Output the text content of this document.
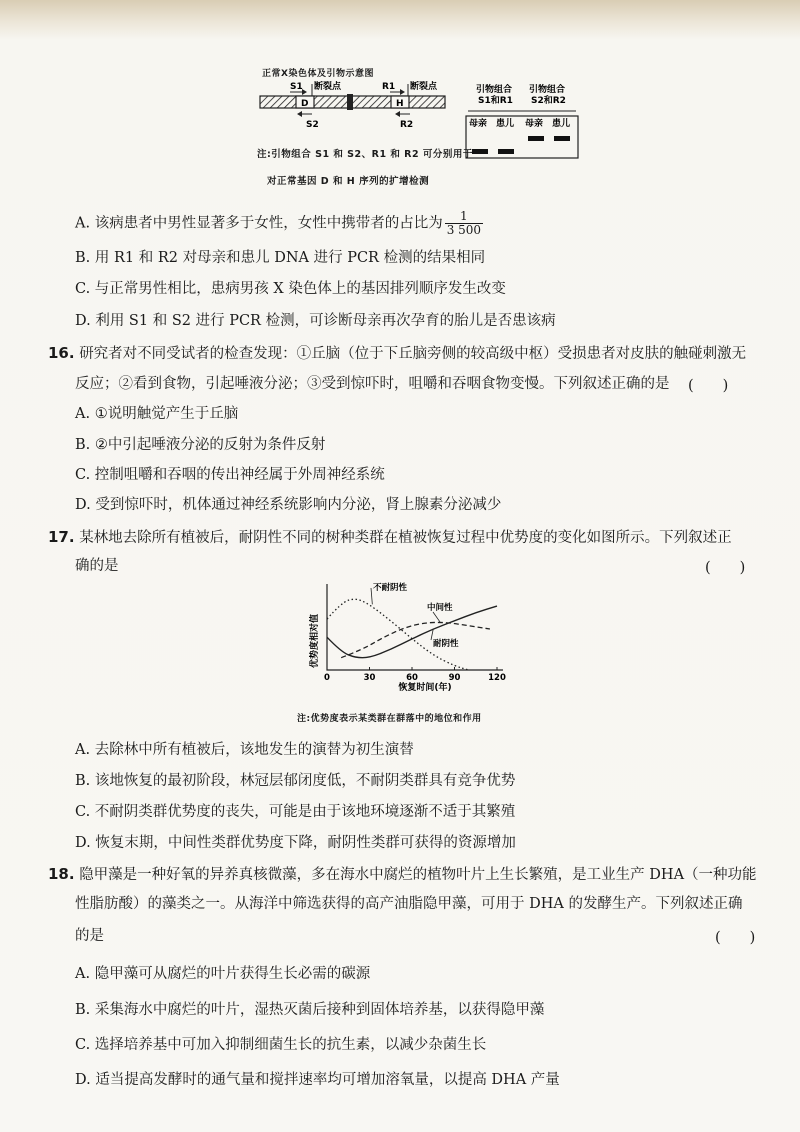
正常X染色体及引物示意图
S1 断裂点	R1 断裂点
D	H
S2	R2
引物组合
S1和R1
引物组合
S2和R2
母亲 患儿 母亲 患儿
注:引物组合 S1 和 S2、R1 和 R2 可分别用于
对正常基因 D 和 H 序列的扩增检测
A. 该病患者中男性显著多于女性，女性中携带者的占比为 $\frac{1}{3 500}$
B. 用 R1 和 R2 对母亲和患儿 DNA 进行 PCR 检测的结果相同
C. 与正常男性相比，患病男孩 X 染色体上的基因排列顺序发生改变
D. 利用 S1 和 S2 进行 PCR 检测，可诊断母亲再次孕育的胎儿是否患该病
16. 研究者对不同受试者的检查发现：①丘脑（位于下丘脑旁侧的较高级中枢）受损患者对皮肤的触碰刺激无
反应；②看到食物，引起唾液分泌；③受到惊吓时，咀嚼和吞咽食物变慢。下列叙述正确的是 (　　)
A. ①说明触觉产生于丘脑
B. ②中引起唾液分泌的反射为条件反射
C. 控制咀嚼和吞咽的传出神经属于外周神经系统
D. 受到惊吓时，机体通过神经系统影响内分泌，肾上腺素分泌减少
17. 某林地去除所有植被后，耐阴性不同的树种类群在植被恢复过程中优势度的变化如图所示。下列叙述正
确的是	(　　)
0	30	60	90	120
不耐阴性
中间性
耐阴性
优势度相对值
恢复时间(年)
注:优势度表示某类群在群落中的地位和作用
A. 去除林中所有植被后，该地发生的演替为初生演替
B. 该地恢复的最初阶段，林冠层郁闭度低，不耐阴类群具有竞争优势
C. 不耐阴类群优势度的丧失，可能是由于该地环境逐渐不适于其繁殖
D. 恢复末期，中间性类群优势度下降，耐阴性类群可获得的资源增加
18. 隐甲藻是一种好氧的异养真核微藻，多在海水中腐烂的植物叶片上生长繁殖，是工业生产 DHA（一种功能
性脂肪酸）的藻类之一。从海洋中筛选获得的高产油脂隐甲藻，可用于 DHA 的发酵生产。下列叙述正确
的是	(　　)
A. 隐甲藻可从腐烂的叶片获得生长必需的碳源
B. 采集海水中腐烂的叶片，湿热灭菌后接种到固体培养基，以获得隐甲藻
C. 选择培养基中可加入抑制细菌生长的抗生素，以减少杂菌生长
D. 适当提高发酵时的通气量和搅拌速率均可增加溶氧量，以提高 DHA 产量
